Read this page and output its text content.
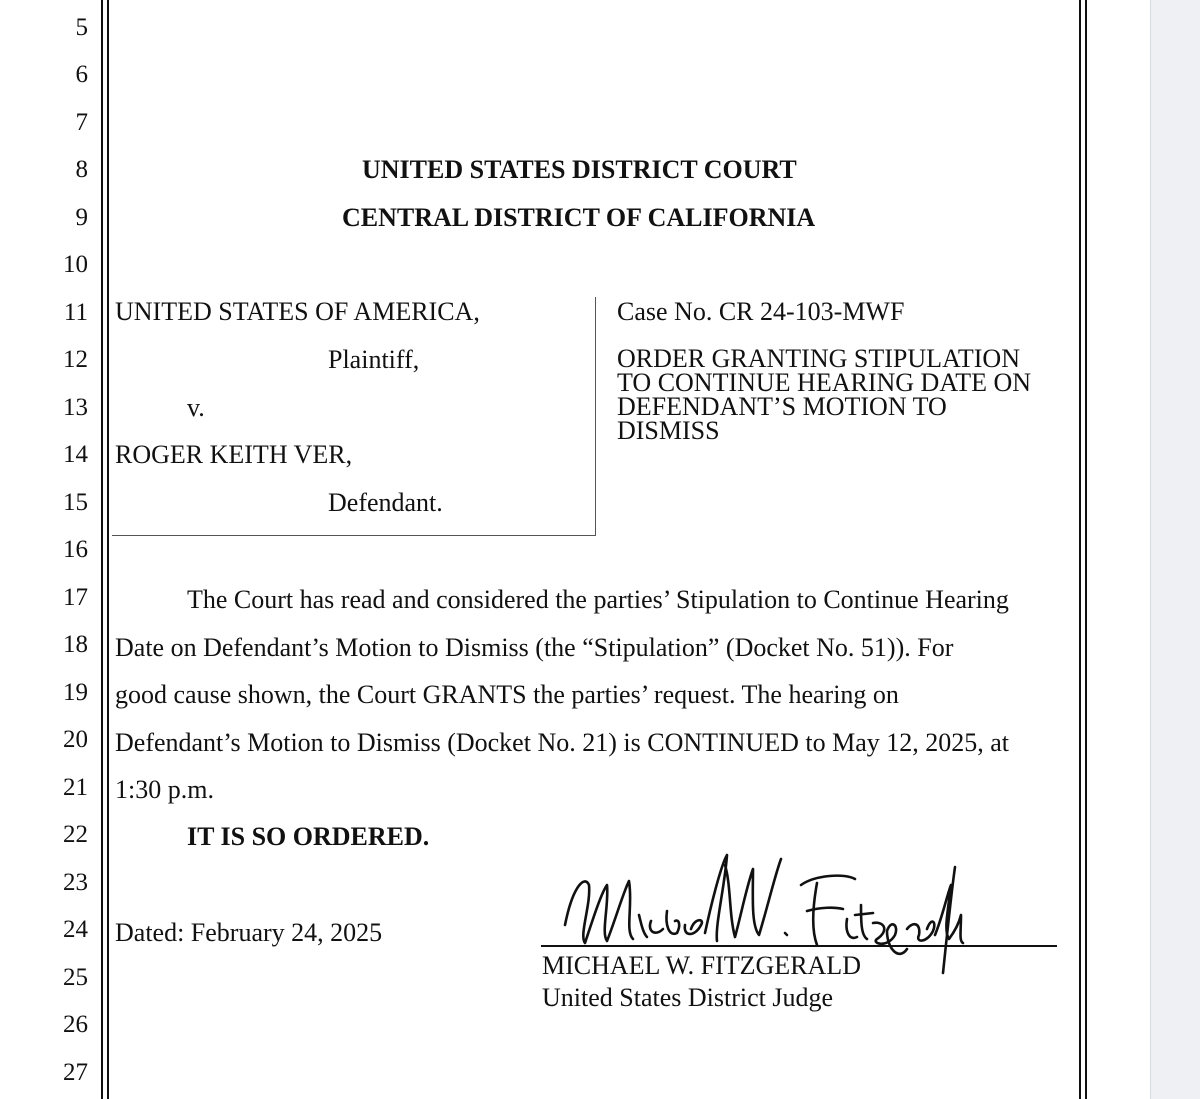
5
6
7
8
9
10
11
12
13
14
15
16
17
18
19
20
21
22
23
24
25
26
27
UNITED STATES DISTRICT COURT
CENTRAL DISTRICT OF CALIFORNIA
UNITED STATES OF AMERICA,
Plaintiff,
v.
ROGER KEITH VER,
Defendant.
Case No. CR 24-103-MWF
ORDER GRANTING STIPULATION
TO CONTINUE HEARING DATE ON
DEFENDANT’S MOTION TO
DISMISS
The Court has read and considered the parties’ Stipulation to Continue Hearing
Date on Defendant’s Motion to Dismiss (the “Stipulation” (Docket No. 51)). For
good cause shown, the Court GRANTS the parties’ request. The hearing on
Defendant’s Motion to Dismiss (Docket No. 21) is CONTINUED to May 12, 2025, at
1:30 p.m.
IT IS SO ORDERED.
Dated: February 24, 2025
MICHAEL W. FITZGERALD
United States District Judge
